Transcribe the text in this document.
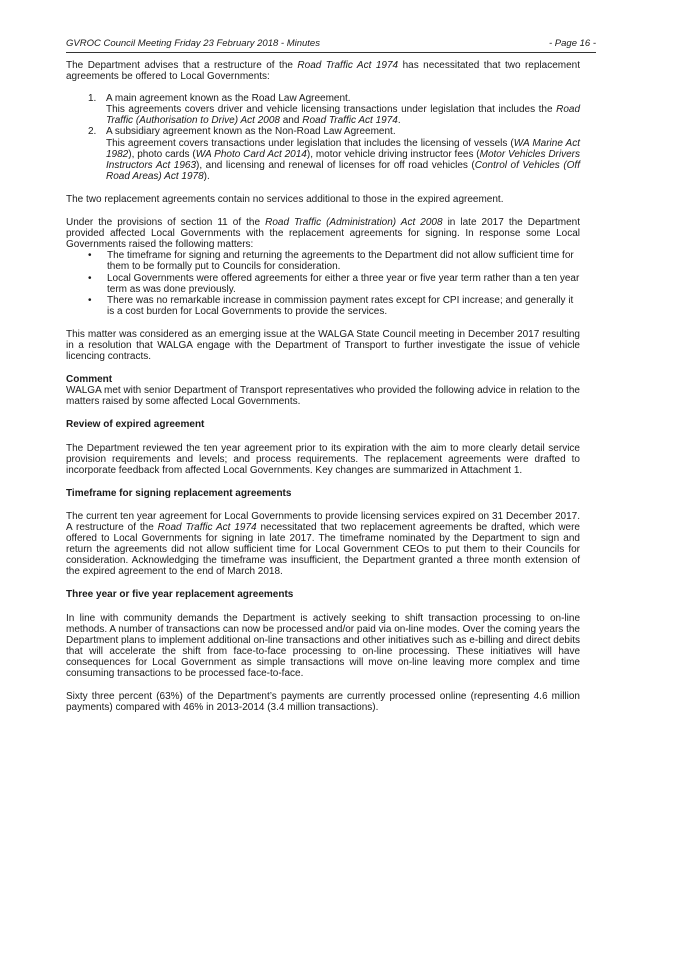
GVROC Council Meeting Friday 23 February 2018 - Minutes	- Page 16 -

The Department advises that a restructure of the Road Traffic Act 1974 has necessitated that two replacement agreements be offered to Local Governments:

1. A main agreement known as the Road Law Agreement.

This agreements covers driver and vehicle licensing transactions under legislation that includes the Road Traffic (Authorisation to Drive) Act 2008 and Road Traffic Act 1974.

2. A subsidiary agreement known as the Non-Road Law Agreement.

This agreement covers transactions under legislation that includes the licensing of vessels (WA Marine Act 1982), photo cards (WA Photo Card Act 2014), motor vehicle driving instructor fees (Motor Vehicles Drivers Instructors Act 1963), and licensing and renewal of licenses for off road vehicles (Control of Vehicles (Off Road Areas) Act 1978).

The two replacement agreements contain no services additional to those in the expired agreement.

Under the provisions of section 11 of the Road Traffic (Administration) Act 2008 in late 2017 the Department provided affected Local Governments with the replacement agreements for signing. In response some Local Governments raised the following matters:

• The timeframe for signing and returning the agreements to the Department did not allow sufficient time for them to be formally put to Councils for consideration.
• Local Governments were offered agreements for either a three year or five year term rather than a ten year term as was done previously.
• There was no remarkable increase in commission payment rates except for CPI increase; and generally it is a cost burden for Local Governments to provide the services.

This matter was considered as an emerging issue at the WALGA State Council meeting in December 2017 resulting in a resolution that WALGA engage with the Department of Transport to further investigate the issue of vehicle licencing contracts.

Comment

WALGA met with senior Department of Transport representatives who provided the following advice in relation to the matters raised by some affected Local Governments.

Review of expired agreement

The Department reviewed the ten year agreement prior to its expiration with the aim to more clearly detail service provision requirements and levels; and process requirements. The replacement agreements were drafted to incorporate feedback from affected Local Governments. Key changes are summarized in Attachment 1.

Timeframe for signing replacement agreements

The current ten year agreement for Local Governments to provide licensing services expired on 31 December 2017. A restructure of the Road Traffic Act 1974 necessitated that two replacement agreements be drafted, which were offered to Local Governments for signing in late 2017. The timeframe nominated by the Department to sign and return the agreements did not allow sufficient time for Local Government CEOs to put them to their Councils for consideration. Acknowledging the timeframe was insufficient, the Department granted a three month extension of the expired agreement to the end of March 2018.

Three year or five year replacement agreements

In line with community demands the Department is actively seeking to shift transaction processing to on-line methods. A number of transactions can now be processed and/or paid via on-line modes. Over the coming years the Department plans to implement additional on-line transactions and other initiatives such as e-billing and direct debits that will accelerate the shift from face-to-face processing to on-line processing. These initiatives will have consequences for Local Government as simple transactions will move on-line leaving more complex and time consuming transactions to be processed face-to-face.

Sixty three percent (63%) of the Department’s payments are currently processed online (representing 4.6 million payments) compared with 46% in 2013-2014 (3.4 million transactions).
